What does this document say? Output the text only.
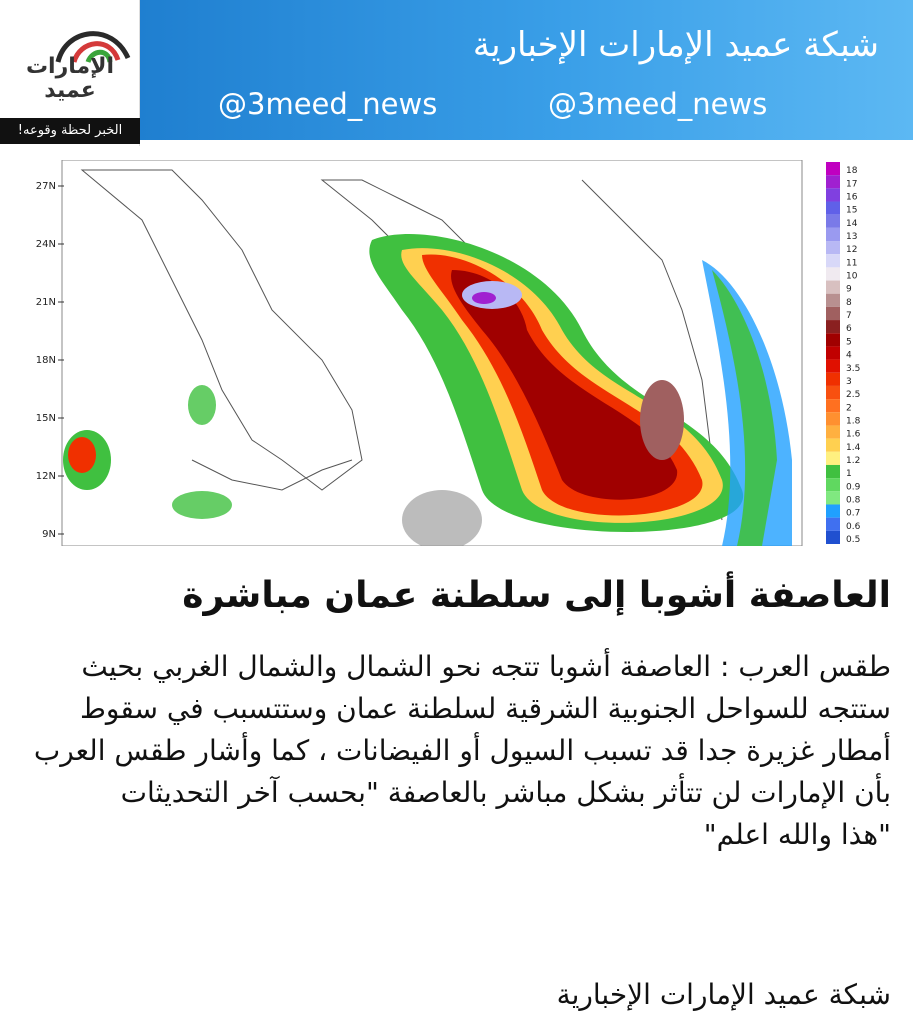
الإمارات
عميد
الخبر لحظة وقوعه!
شبكة عميد الإمارات الإخبارية
@3meed_news	@3meed_news
27N
24N
21N
18N
15N
12N
9N
18
17
16
15
14
13
12
11
10
9
8
7
6
5
4
3.5
3
2.5
2
1.8
1.6
1.4
1.2
1
0.9
0.8
0.7
0.6
0.5
العاصفة أشوبا إلى سلطنة عمان مباشرة
طقس العرب : العاصفة أشوبا تتجه نحو الشمال والشمال الغربي بحيث ستتجه للسواحل الجنوبية الشرقية لسلطنة عمان وستتسبب في سقوط أمطار غزيرة جدا قد تسبب السيول أو الفيضانات ، كما وأشار طقس العرب بأن الإمارات لن تتأثر بشكل مباشر بالعاصفة "بحسب آخر التحديثات
"هذا والله اعلم"
شبكة عميد الإمارات الإخبارية
